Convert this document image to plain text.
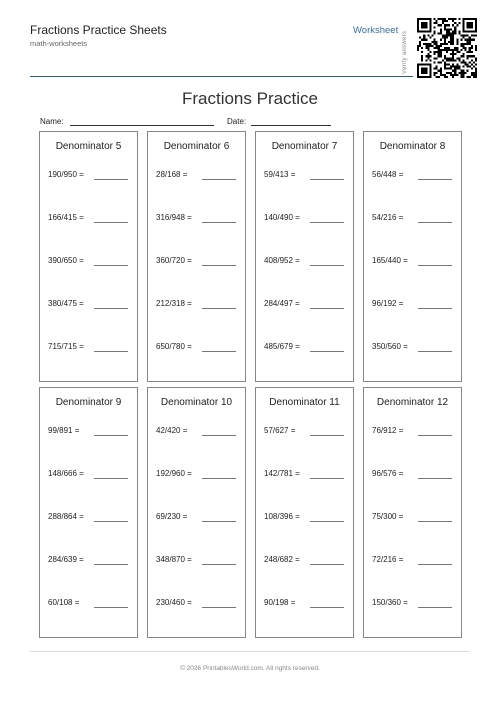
Fractions Practice Sheets
math-worksheets
Worksheet
Verify answers
Fractions Practice
Name:	Date:
Denominator 5
190/950 =
166/415 =
390/650 =
380/475 =
715/715 =
Denominator 6
28/168 =
316/948 =
360/720 =
212/318 =
650/780 =
Denominator 7
59/413 =
140/490 =
408/952 =
284/497 =
485/679 =
Denominator 8
56/448 =
54/216 =
165/440 =
96/192 =
350/560 =
Denominator 9
99/891 =
148/666 =
288/864 =
284/639 =
60/108 =
Denominator 10
42/420 =
192/960 =
69/230 =
348/870 =
230/460 =
Denominator 11
57/627 =
142/781 =
108/396 =
248/682 =
90/198 =
Denominator 12
76/912 =
96/576 =
75/300 =
72/216 =
150/360 =
© 2026 PrintablesWorld.com. All rights reserved.
